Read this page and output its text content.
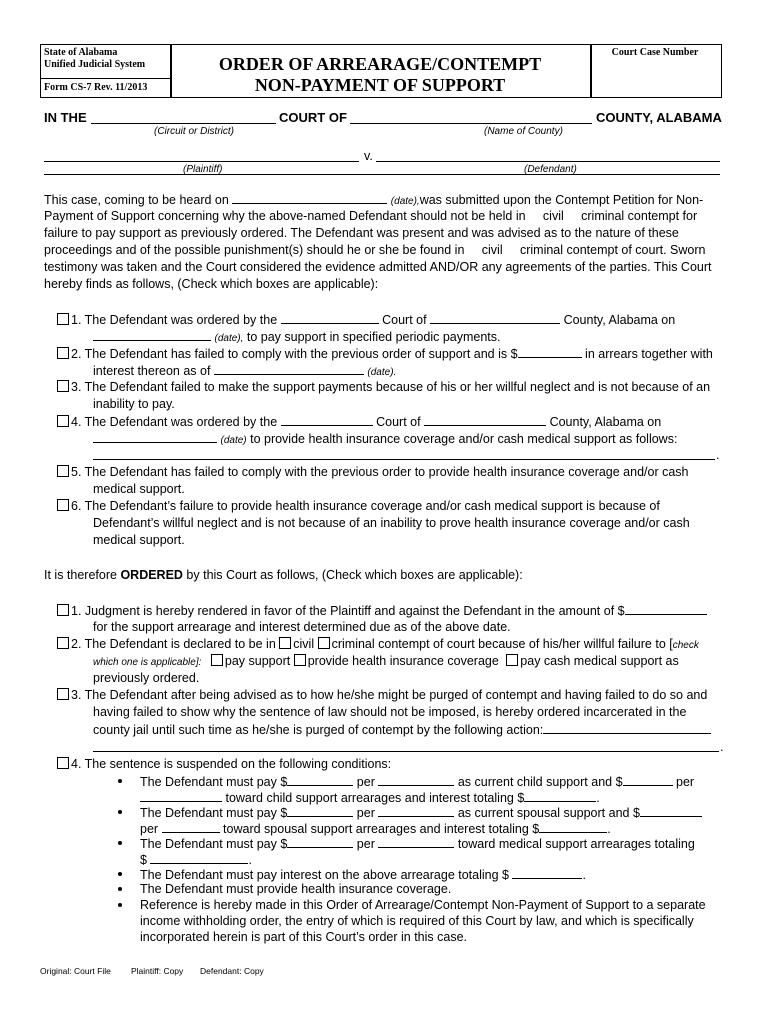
State of Alabama
Unified Judicial System
Form CS-7 Rev. 11/2013
ORDER OF ARREARAGE/CONTEMPT
NON-PAYMENT OF SUPPORT
Court Case Number
IN THE	COURT OF	COUNTY, ALABAMA
(Circuit or District)	(Name of County)
v.
(Plaintiff)	(Defendant)
This case, coming to be heard on	(date),was submitted upon the Contempt Petition for Non-
Payment of Support concerning why the above-named Defendant should not be held in     civil     criminal contempt for
failure to pay support as previously ordered. The Defendant was present and was advised as to the nature of these
proceedings and of the possible punishment(s) should he or she be found in     civil     criminal contempt of court. Sworn
testimony was taken and the Court considered the evidence admitted AND/OR any agreements of the parties. This Court
hereby finds as follows, (Check which boxes are applicable):
1. The Defendant was ordered by the	Court of	County, Alabama on
(date), to pay support in specified periodic payments.
2. The Defendant has failed to comply with the previous order of support and is $	in arrears together with
interest thereon as of	(date).
3. The Defendant failed to make the support payments because of his or her willful neglect and is not because of an
inability to pay.
4. The Defendant was ordered by the	Court of	County, Alabama on
(date) to provide health insurance coverage and/or cash medical support as follows:
.
5. The Defendant has failed to comply with the previous order to provide health insurance coverage and/or cash
medical support.
6. The Defendant’s failure to provide health insurance coverage and/or cash medical support is because of
Defendant’s willful neglect and is not because of an inability to prove health insurance coverage and/or cash
medical support.
It is therefore ORDERED by this Court as follows, (Check which boxes are applicable):
1. Judgment is hereby rendered in favor of the Plaintiff and against the Defendant in the amount of $
for the support arrearage and interest determined due as of the above date.
2. The Defendant is declared to be in civil criminal contempt of court because of his/her willful failure to [check
which one is applicable]: pay support provide health insurance coverage pay cash medical support as
previously ordered.
3. The Defendant after being advised as to how he/she might be purged of contempt and having failed to do so and
having failed to show why the sentence of law should not be imposed, is hereby ordered incarcerated in the
county jail until such time as he/she is purged of contempt by the following action:
.
4. The sentence is suspended on the following conditions:
The Defendant must pay $	per	as current child support and $	per
toward child support arrearages and interest totaling $	.
The Defendant must pay $	per	as current spousal support and $
per	toward spousal support arrearages and interest totaling $	.
The Defendant must pay $	per	toward medical support arrearages totaling
$	.
The Defendant must pay interest on the above arrearage totaling $	.
The Defendant must provide health insurance coverage.
Reference is hereby made in this Order of Arrearage/Contempt Non-Payment of Support to a separate
income withholding order, the entry of which is required of this Court by law, and which is specifically
incorporated herein is part of this Court’s order in this case.
Original: Court File Plaintiff: Copy Defendant: Copy
